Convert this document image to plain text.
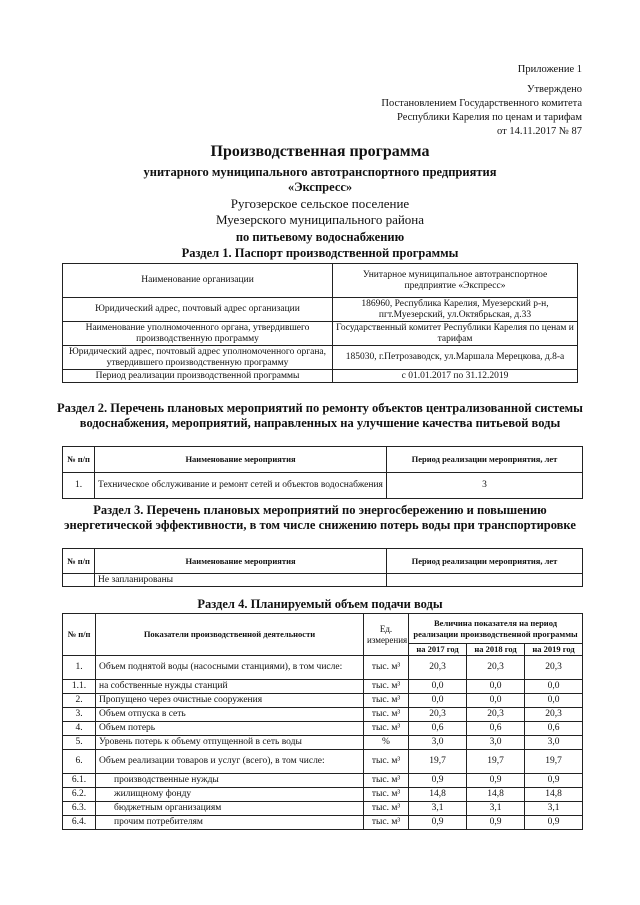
Приложение 1
Утверждено
Постановлением Государственного комитета
Республики Карелия по ценам и тарифам
от 14.11.2017 № 87
Производственная программа
унитарного муниципального автотранспортного предприятия
«Экспресс»
Ругозерское сельское поселение
Муезерского муниципального района
по питьевому водоснабжению
Раздел 1. Паспорт производственной программы
Наименование организации	Унитарное муниципальное автотранспортное предприятие «Экспресс»
Юридический адрес, почтовый адрес организации	186960, Республика Карелия, Муезерский р-н, пгт.Муезерский, ул.Октябрьская, д.33
Наименование уполномоченного органа, утвердившего производственную программу	Государственный комитет Республики Карелия по ценам и тарифам
Юридический адрес, почтовый адрес уполномоченного органа, утвердившего производственную программу	185030, г.Петрозаводск, ул.Маршала Мерецкова, д.8-а
Период реализации производственной программы	с 01.01.2017 по 31.12.2019
Раздел 2. Перечень плановых мероприятий по ремонту объектов централизованной системы водоснабжения, мероприятий, направленных на улучшение качества питьевой воды
№ п/п	Наименование мероприятия	Период реализации мероприятия, лет
1.	Техническое обслуживание и ремонт сетей и объектов водоснабжения	3
Раздел 3. Перечень плановых мероприятий по энергосбережению и повышению энергетической эффективности, в том числе снижению потерь воды при транспортировке
№ п/п	Наименование мероприятия	Период реализации мероприятия, лет
	Не запланированы	
Раздел 4. Планируемый объем подачи воды
№ п/п	Показатели производственной деятельности	Ед. измерения	Величина показателя на период реализации производственной программы		
			на 2017 год	на 2018 год	на 2019 год
1.	Объем поднятой воды (насосными станциями), в том числе:	тыс. м³	20,3	20,3	20,3
1.1.	на собственные нужды станций	тыс. м³	0,0	0,0	0,0
2.	Пропущено через очистные сооружения	тыс. м³	0,0	0,0	0,0
3.	Объем отпуска в сеть	тыс. м³	20,3	20,3	20,3
4.	Объем потерь	тыс. м³	0,6	0,6	0,6
5.	Уровень потерь к объему отпущенной в сеть воды	%	3,0	3,0	3,0
6.	Объем реализации товаров и услуг (всего), в том числе:	тыс. м³	19,7	19,7	19,7
6.1.	производственные нужды	тыс. м³	0,9	0,9	0,9
6.2.	жилищному фонду	тыс. м³	14,8	14,8	14,8
6.3.	бюджетным организациям	тыс. м³	3,1	3,1	3,1
6.4.	прочим потребителям	тыс. м³	0,9	0,9	0,9
